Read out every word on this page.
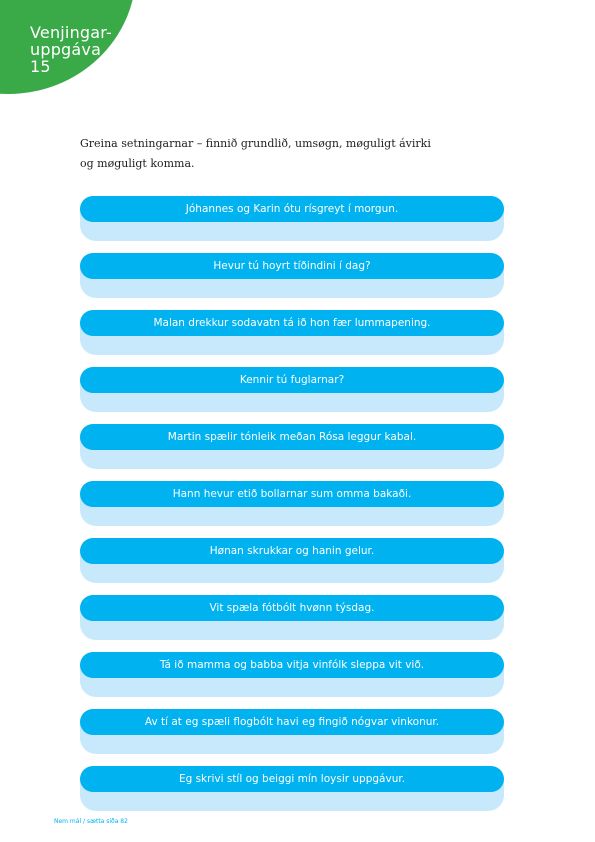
Venjingar-
uppgáva
15

Greina setningarnar – finnið grundlið, umsøgn, møguligt ávirki
og møguligt komma.

Jóhannes og Karin ótu rísgreyt í morgun.
Hevur tú hoyrt tíðindini í dag?
Malan drekkur sodavatn tá ið hon fær lummapening.
Kennir tú fuglarnar?
Martin spælir tónleik meðan Rósa leggur kabal.
Hann hevur etið bollarnar sum omma bakaði.
Hønan skrukkar og hanin gelur.
Vit spæla fótbólt hvønn týsdag.
Tá ið mamma og babba vitja vinfólk sleppa vit við.
Av tí at eg spæli flogbólt havi eg fingið nógvar vinkonur.
Eg skrivi stíl og beiggi mín loysir uppgávur.
Nem mál / sætta síða 82
